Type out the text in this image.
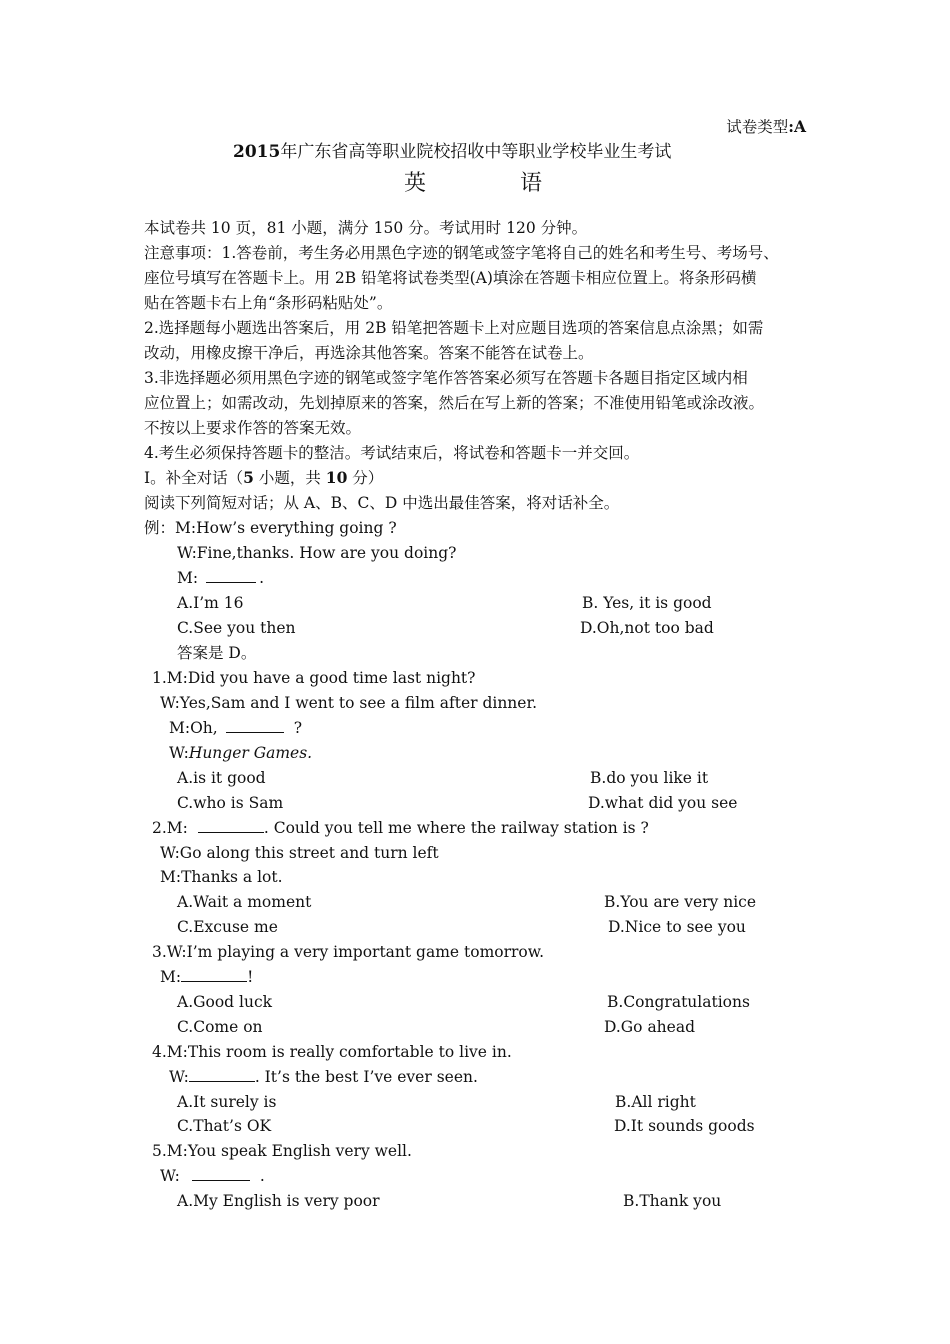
试卷类型:A
2015年广东省高等职业院校招收中等职业学校毕业生考试
英	语
本试卷共 10 页，81 小题，满分 150 分。考试用时 120 分钟。
注意事项：1.答卷前，考生务必用黑色字迹的钢笔或签字笔将自己的姓名和考生号、考场号、
座位号填写在答题卡上。用 2B 铅笔将试卷类型(A)填涂在答题卡相应位置上。将条形码横
贴在答题卡右上角“条形码粘贴处”。
2.选择题每小题选出答案后，用 2B 铅笔把答题卡上对应题目选项的答案信息点涂黑；如需
改动，用橡皮擦干净后，再选涂其他答案。答案不能答在试卷上。
3.非选择题必须用黑色字迹的钢笔或签字笔作答答案必须写在答题卡各题目指定区域内相
应位置上；如需改动，先划掉原来的答案，然后在写上新的答案；不准使用铅笔或涂改液。
不按以上要求作答的答案无效。
4.考生必须保持答题卡的整洁。考试结束后，将试卷和答题卡一并交回。
Ⅰ。补全对话（5 小题，共 10 分）
阅读下列简短对话；从 A、B、C、D 中选出最佳答案，将对话补全。
例：M:How’s everything going ?
W:Fine,thanks. How are you doing?
M:	.
A.I’m 16	B. Yes, it is good
C.See you then	D.Oh,not too bad
答案是 D。
1.M:Did you have a good time last night?
W:Yes,Sam and I went to see a film after dinner.
M:Oh,	?
W:Hunger Games.
A.is it good	B.do you like it
C.who is Sam	D.what did you see
2.M:	. Could you tell me where the railway station is ?
W:Go along this street and turn left
M:Thanks a lot.
A.Wait a moment	B.You are very nice
C.Excuse me	D.Nice to see you
3.W:I’m playing a very important game tomorrow.
M:	!
A.Good luck	B.Congratulations
C.Come on	D.Go ahead
4.M:This room is really comfortable to live in.
W:	. It’s the best I’ve ever seen.
A.It surely is	B.All right
C.That’s OK	D.It sounds goods
5.M:You speak English very well.
W:	.
A.My English is very poor	B.Thank you
